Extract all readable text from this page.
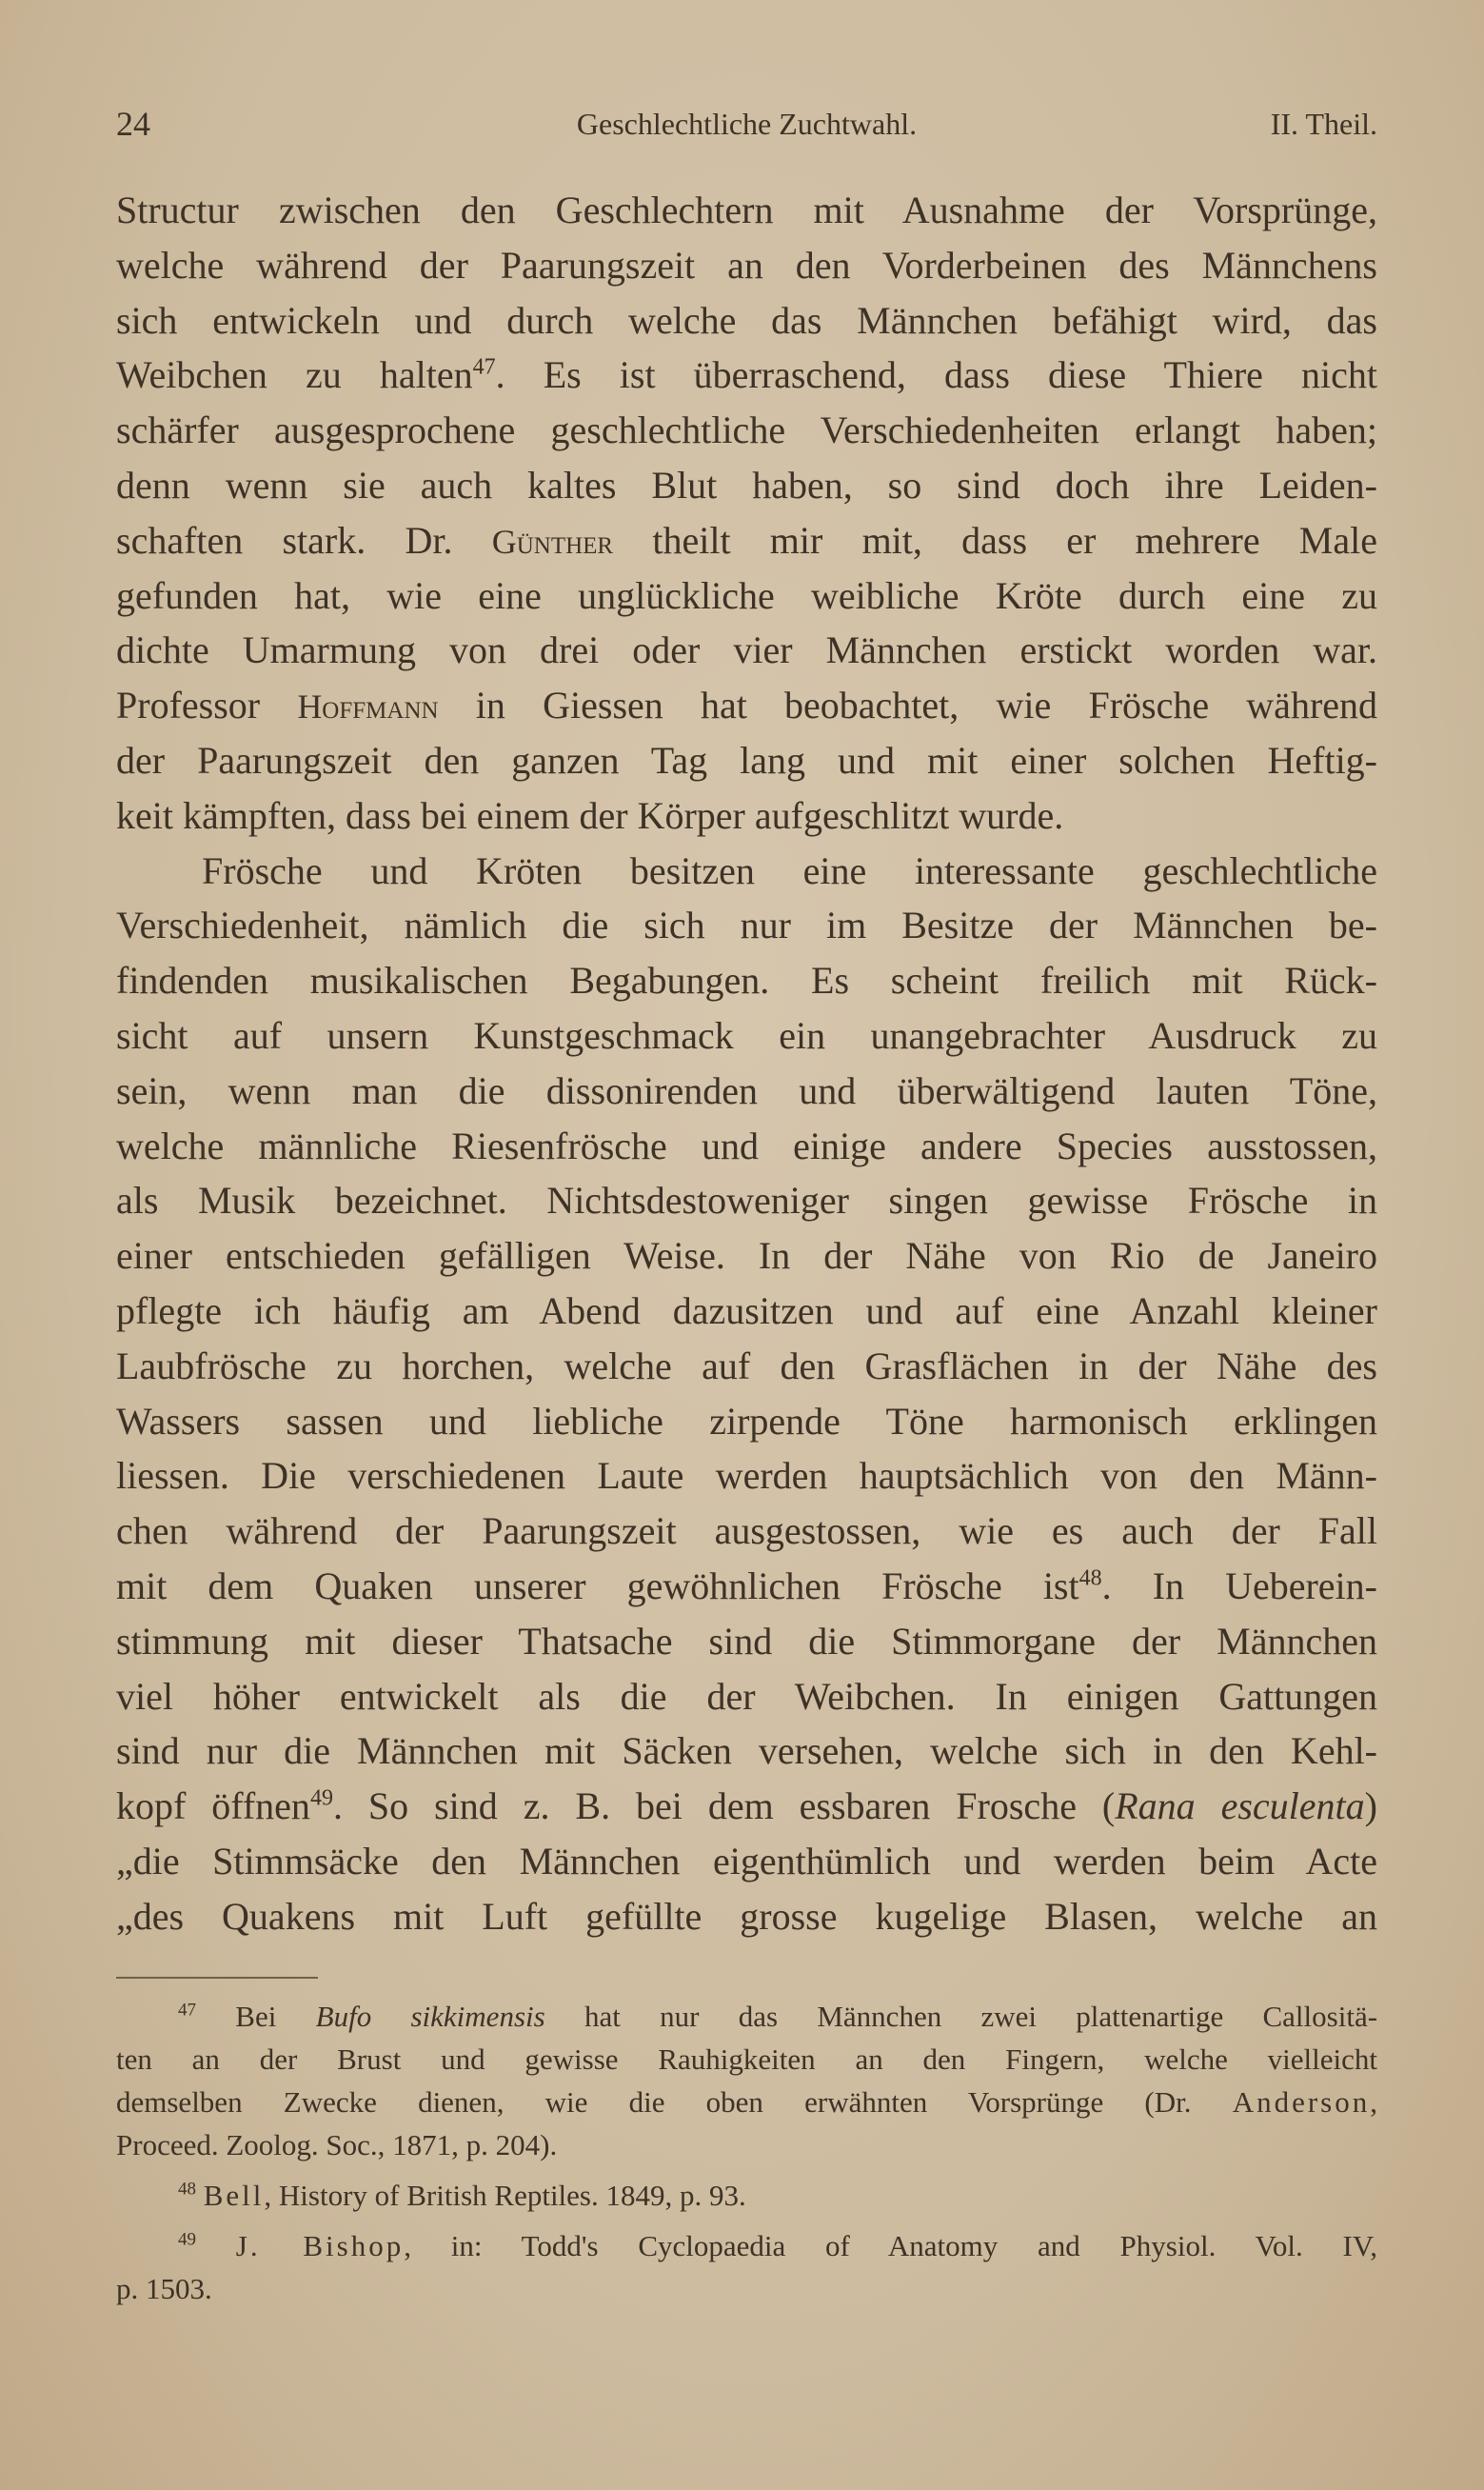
24	Geschlechtliche Zuchtwahl.	II. Theil.
Structur zwischen den Geschlechtern mit Ausnahme der Vorsprünge,
welche während der Paarungszeit an den Vorderbeinen des Männchens
sich entwickeln und durch welche das Männchen befähigt wird, das
Weibchen zu halten$^{47}$. Es ist überraschend, dass diese Thiere nicht
schärfer ausgesprochene geschlechtliche Verschiedenheiten erlangt haben;
denn wenn sie auch kaltes Blut haben, so sind doch ihre Leiden-
schaften stark. Dr. Günther theilt mir mit, dass er mehrere Male
gefunden hat, wie eine unglückliche weibliche Kröte durch eine zu
dichte Umarmung von drei oder vier Männchen erstickt worden war.
Professor Hoffmann in Giessen hat beobachtet, wie Frösche während
der Paarungszeit den ganzen Tag lang und mit einer solchen Heftig-
keit kämpften, dass bei einem der Körper aufgeschlitzt wurde.
Frösche und Kröten besitzen eine interessante geschlechtliche
Verschiedenheit, nämlich die sich nur im Besitze der Männchen be-
findenden musikalischen Begabungen. Es scheint freilich mit Rück-
sicht auf unsern Kunstgeschmack ein unangebrachter Ausdruck zu
sein, wenn man die dissonirenden und überwältigend lauten Töne,
welche männliche Riesenfrösche und einige andere Species ausstossen,
als Musik bezeichnet. Nichtsdestoweniger singen gewisse Frösche in
einer entschieden gefälligen Weise. In der Nähe von Rio de Janeiro
pflegte ich häufig am Abend dazusitzen und auf eine Anzahl kleiner
Laubfrösche zu horchen, welche auf den Grasflächen in der Nähe des
Wassers sassen und liebliche zirpende Töne harmonisch erklingen
liessen. Die verschiedenen Laute werden hauptsächlich von den Männ-
chen während der Paarungszeit ausgestossen, wie es auch der Fall
mit dem Quaken unserer gewöhnlichen Frösche ist$^{48}$. In Ueberein-
stimmung mit dieser Thatsache sind die Stimmorgane der Männchen
viel höher entwickelt als die der Weibchen. In einigen Gattungen
sind nur die Männchen mit Säcken versehen, welche sich in den Kehl-
kopf öffnen$^{49}$. So sind z. B. bei dem essbaren Frosche (Rana esculenta)
„die Stimmsäcke den Männchen eigenthümlich und werden beim Acte
„des Quakens mit Luft gefüllte grosse kugelige Blasen, welche an
$^{47}$ Bei Bufo sikkimensis hat nur das Männchen zwei plattenartige Callositä-
ten an der Brust und gewisse Rauhigkeiten an den Fingern, welche vielleicht
demselben Zwecke dienen, wie die oben erwähnten Vorsprünge (Dr. Anderson,
Proceed. Zoolog. Soc., 1871, p. 204).
$^{48}$ Bell, History of British Reptiles. 1849, p. 93.
$^{49}$ J. Bishop, in: Todd's Cyclopaedia of Anatomy and Physiol. Vol. IV,
p. 1503.
